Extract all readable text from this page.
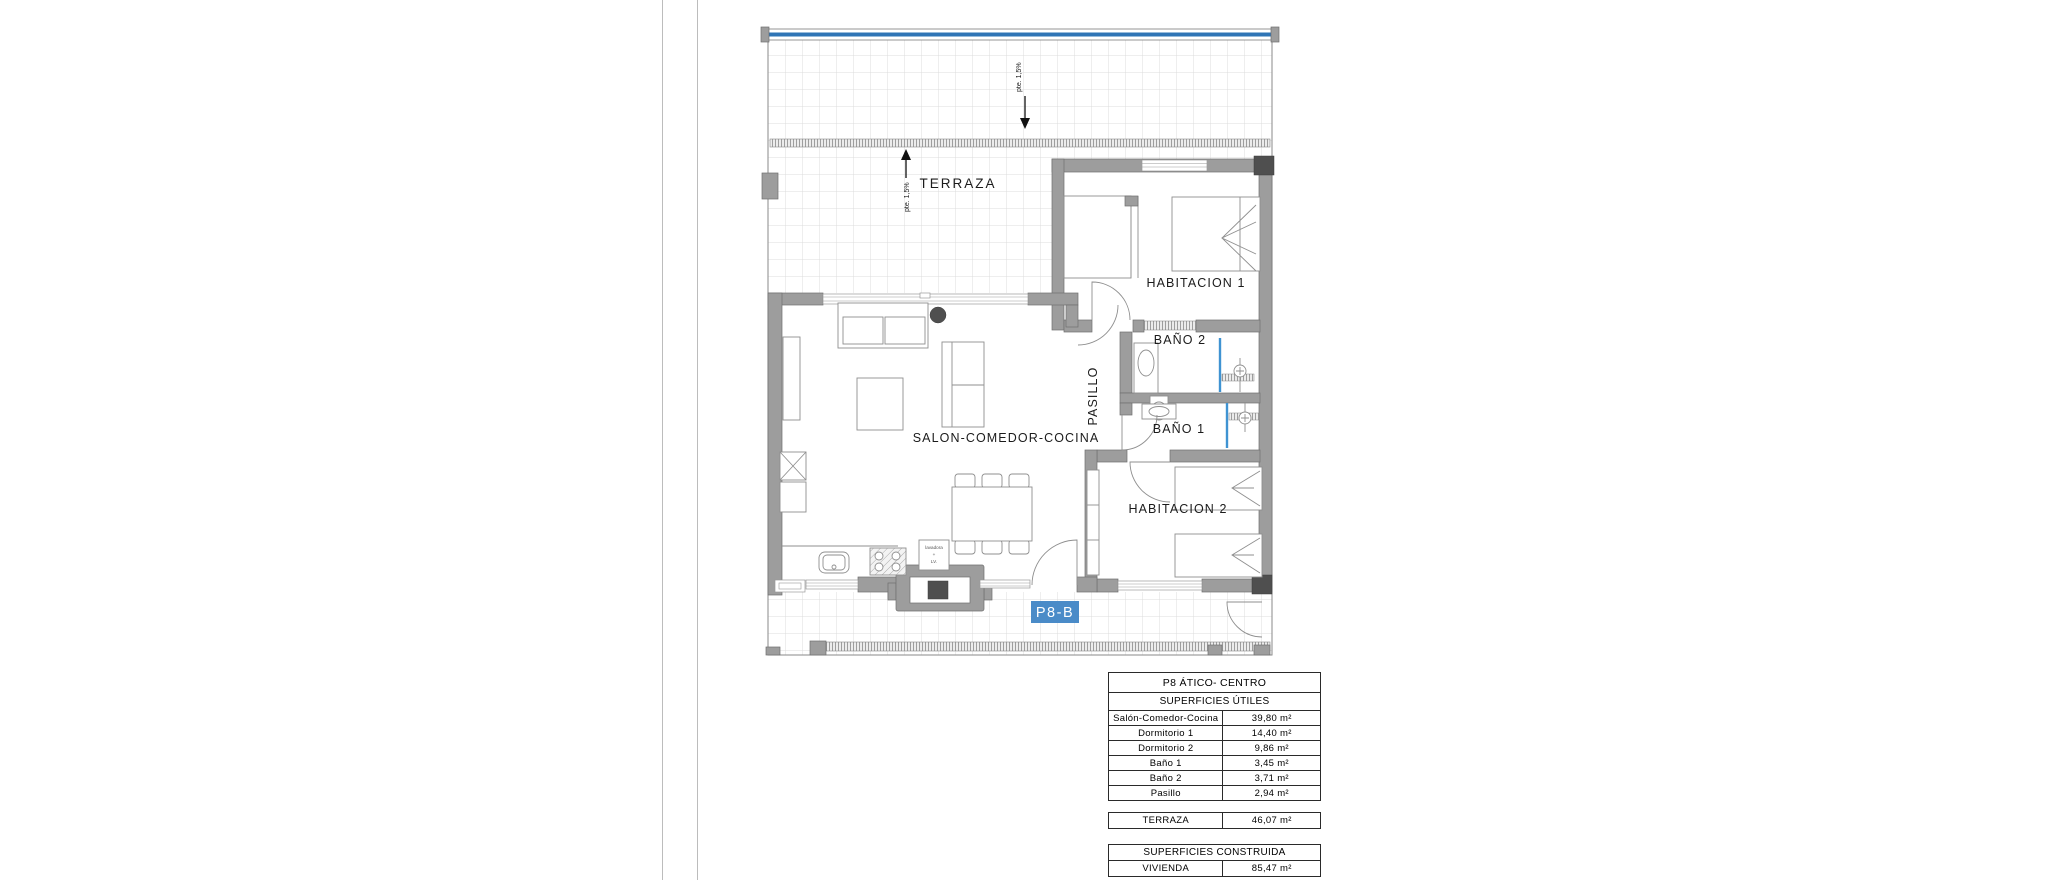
lavadora
+
LV.
pte. 1,5%
pte. 1,5% TERRAZA
HABITACION 1
BAÑO 2
BAÑO 1
HABITACION 2
SALON-COMEDOR-COCINA
PASILLO
P8-B
P8 ÁTICO- CENTRO	
SUPERFICIES ÚTILES	
Salón-Comedor-Cocina	39,80 m²
Dormitorio 1	14,40 m²
Dormitorio 2	9,86 m²
Baño 1	3,45 m²
Baño 2	3,71 m²
Pasillo	2,94 m²
TERRAZA	46,07 m²
SUPERFICIES CONSTRUIDA
VIVIENDA	85,47 m²
